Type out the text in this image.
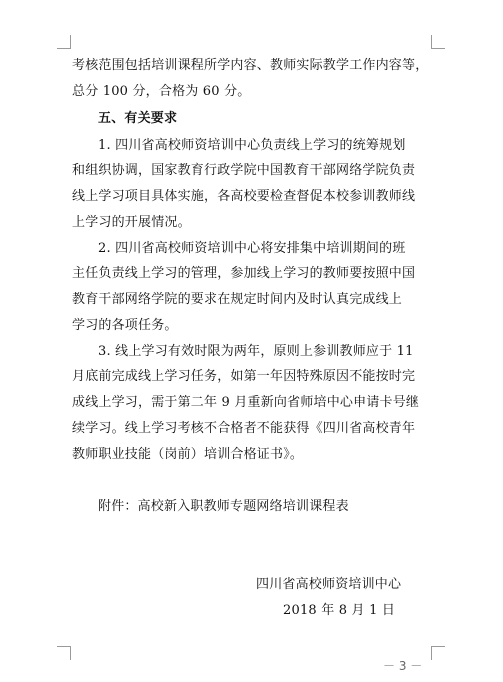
考核范围包括培训课程所学内容、教师实际教学工作内容等，
总分 100 分，合格为 60 分。
五、有关要求
1. 四川省高校师资培训中心负责线上学习的统筹规划
和组织协调，国家教育行政学院中国教育干部网络学院负责
线上学习项目具体实施，各高校要检查督促本校参训教师线
上学习的开展情况。
2. 四川省高校师资培训中心将安排集中培训期间的班
主任负责线上学习的管理，参加线上学习的教师要按照中国
教育干部网络学院的要求在规定时间内及时认真完成线上
学习的各项任务。
3. 线上学习有效时限为两年，原则上参训教师应于 11
月底前完成线上学习任务，如第一年因特殊原因不能按时完
成线上学习，需于第二年 9 月重新向省师培中心申请卡号继
续学习。线上学习考核不合格者不能获得《四川省高校青年
教师职业技能（岗前）培训合格证书》。
附件：高校新入职教师专题网络培训课程表
四川省高校师资培训中心
2018 年 8 月 1 日
－ 3 －
